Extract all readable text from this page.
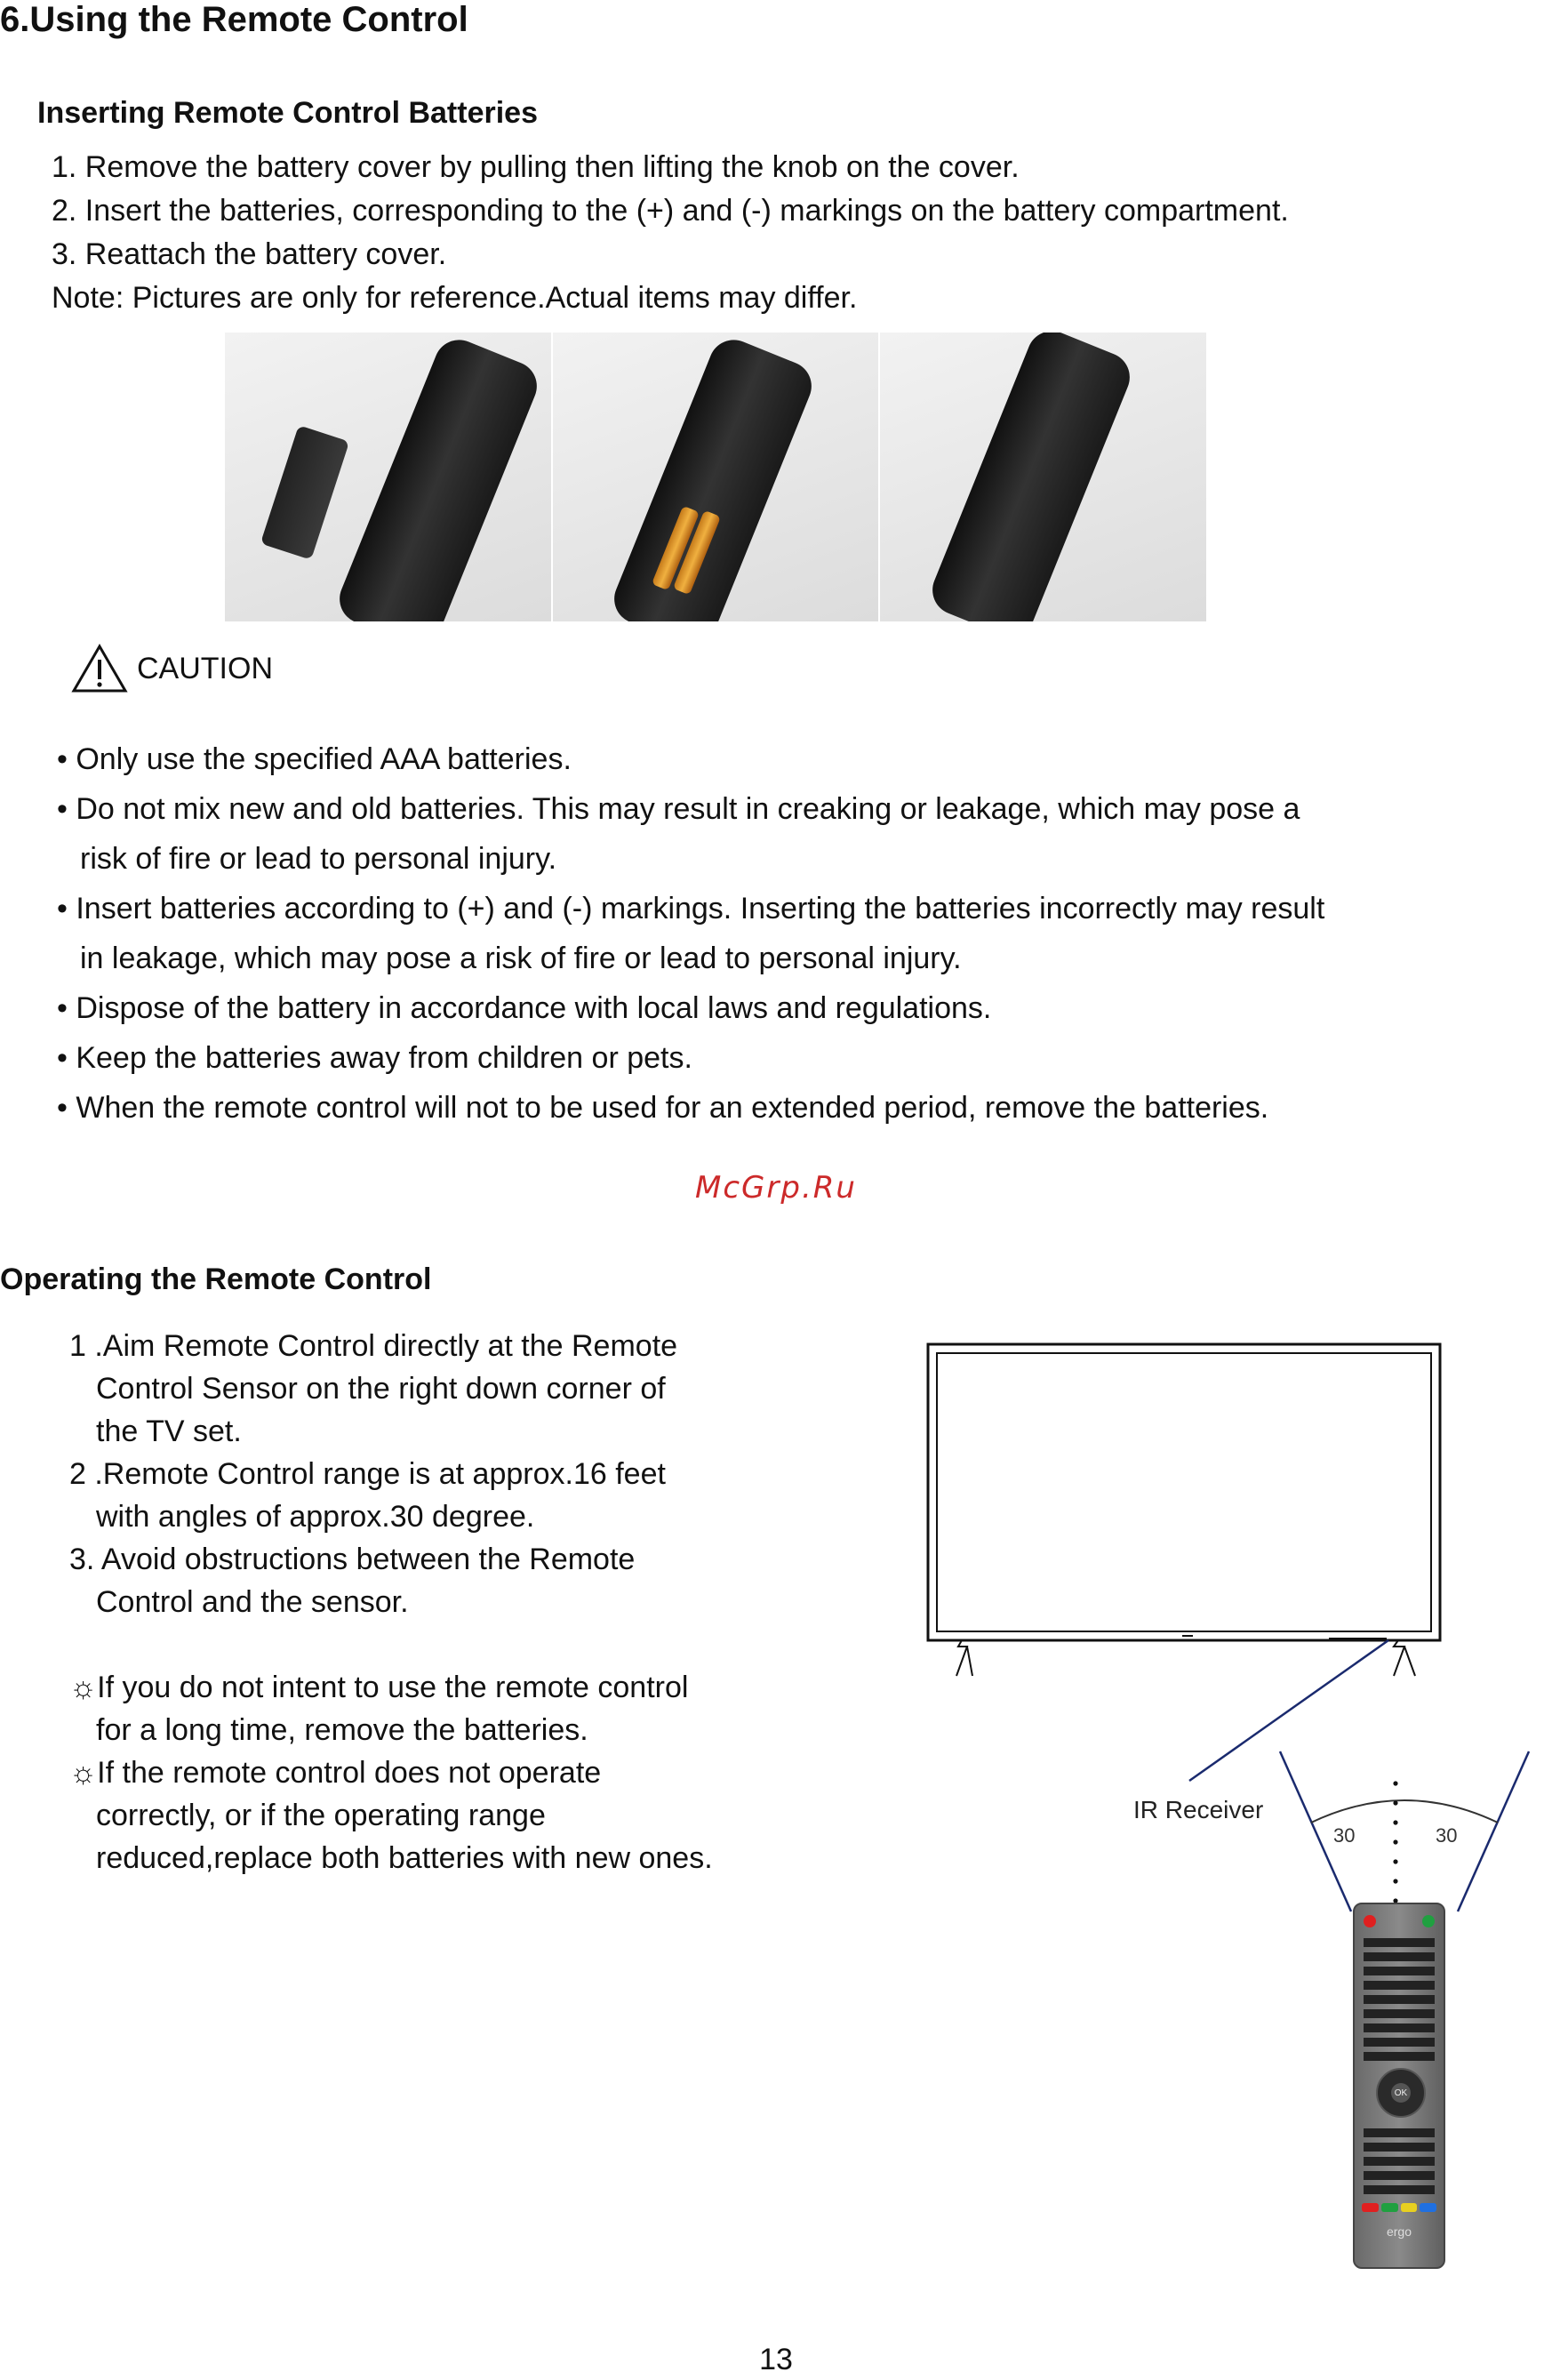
6.Using the Remote Control
Inserting Remote Control Batteries
1. Remove the battery cover by pulling then lifting the knob on the cover.
2. Insert the batteries, corresponding to the (+) and (-) markings on the battery compartment.
3. Reattach the battery cover.
Note: Pictures are only for reference.Actual items may differ.
CAUTION
• Only use the specified AAA batteries.
• Do not mix new and old batteries. This may result in creaking or leakage, which may pose a
risk of fire or lead to personal injury.
• Insert batteries according to (+) and (-) markings. Inserting the batteries incorrectly may result
in leakage, which may pose a risk of fire or lead to personal injury.
• Dispose of the battery in accordance with local laws and regulations.
• Keep the batteries away from children or pets.
• When the remote control will not to be used for an extended period, remove the batteries.
McGrp.Ru
Operating the Remote Control
1 .Aim Remote Control directly at the Remote
Control Sensor on the right down corner of
the TV set.
2 .Remote Control range is at approx.16 feet
with angles of approx.30 degree.
3. Avoid obstructions between the Remote
Control and the sensor.
☼If you do not intent to use the remote control
for a long time, remove the batteries.
☼If the remote control does not operate
correctly, or if the operating range
reduced,replace both batteries with new ones.
IR Receiver
30	30
OK
ergo
13
